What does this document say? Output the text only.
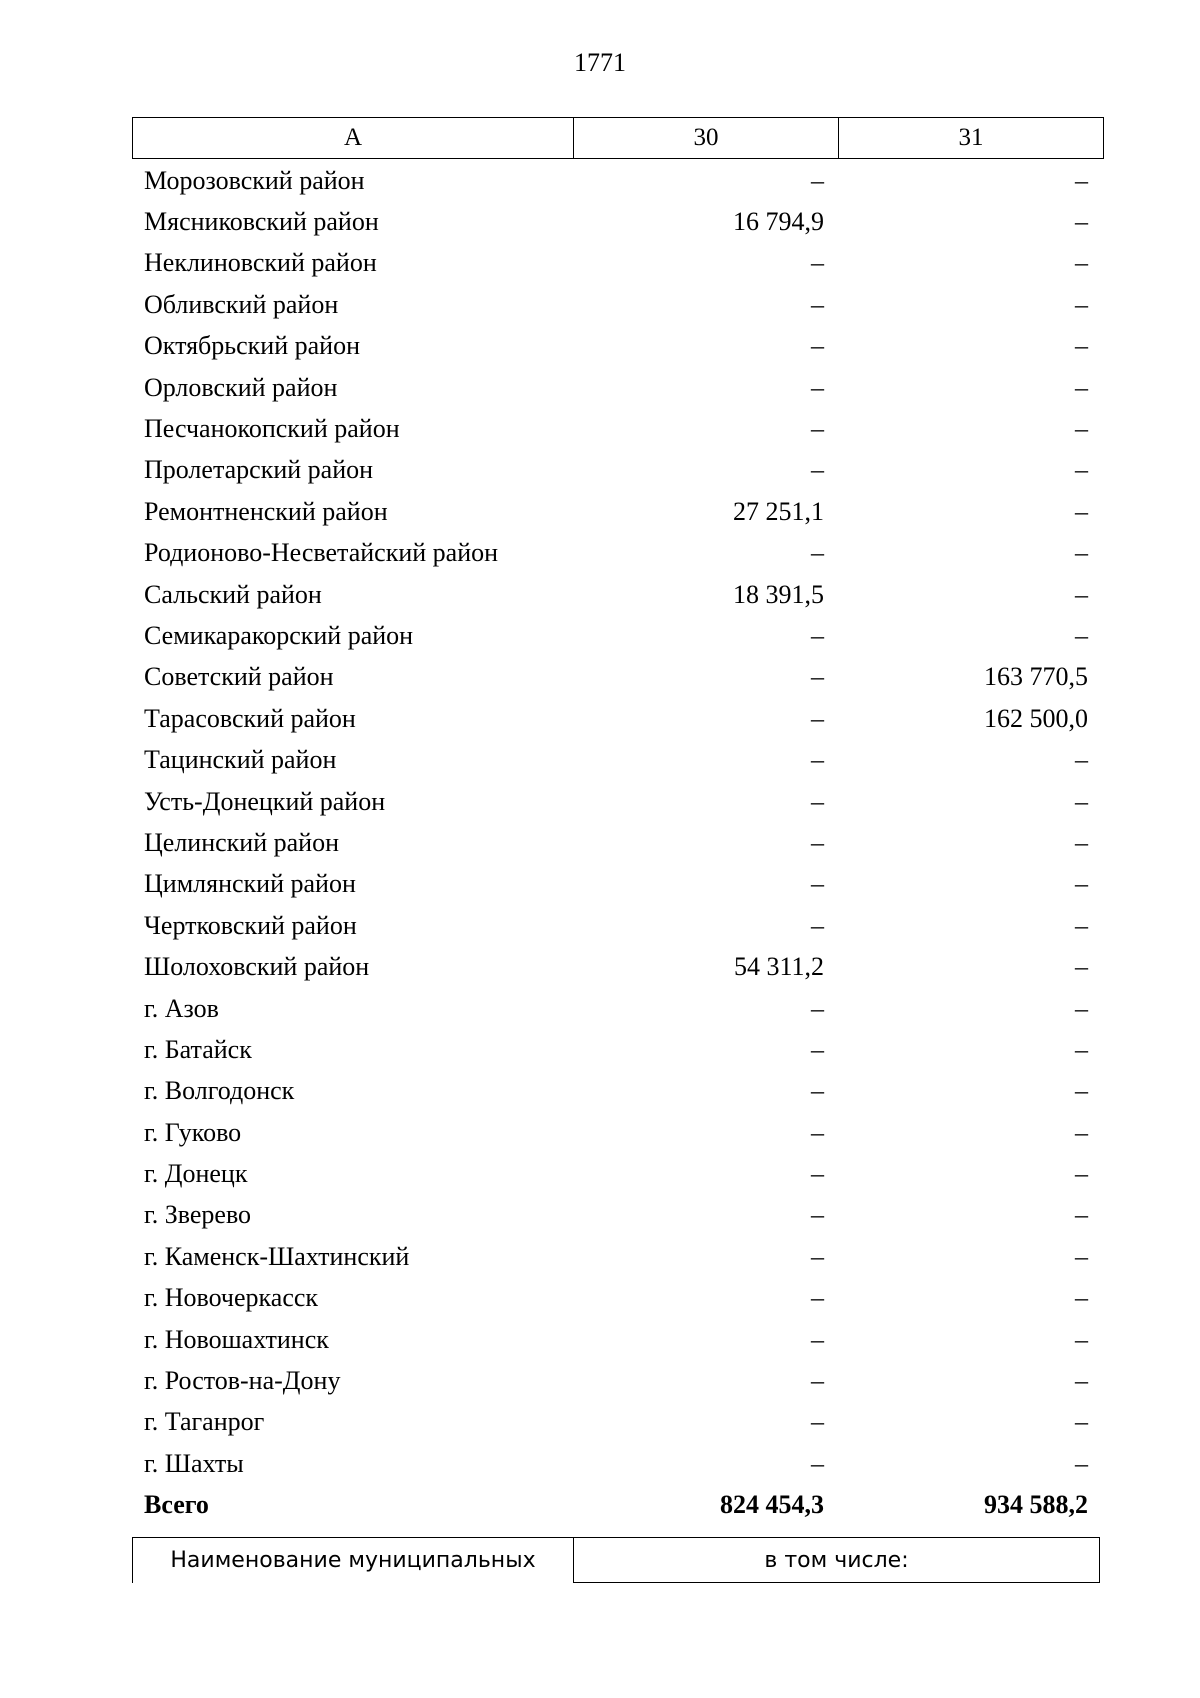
1771
А	30	31
Морозовский район	–	–
Мясниковский район	16 794,9	–
Неклиновский район	–	–
Обливский район	–	–
Октябрьский район	–	–
Орловский район	–	–
Песчанокопский район	–	–
Пролетарский район	–	–
Ремонтненский район	27 251,1	–
Родионово-Несветайский район	–	–
Сальский район	18 391,5	–
Семикаракорский район	–	–
Советский район	–	163 770,5
Тарасовский район	–	162 500,0
Тацинский район	–	–
Усть-Донецкий район	–	–
Целинский район	–	–
Цимлянский район	–	–
Чертковский район	–	–
Шолоховский район	54 311,2	–
г. Азов	–	–
г. Батайск	–	–
г. Волгодонск	–	–
г. Гуково	–	–
г. Донецк	–	–
г. Зверево	–	–
г. Каменск-Шахтинский	–	–
г. Новочеркасск	–	–
г. Новошахтинск	–	–
г. Ростов-на-Дону	–	–
г. Таганрог	–	–
г. Шахты	–	–
Всего	824 454,3	934 588,2
Наименование муниципальных	в том числе:
